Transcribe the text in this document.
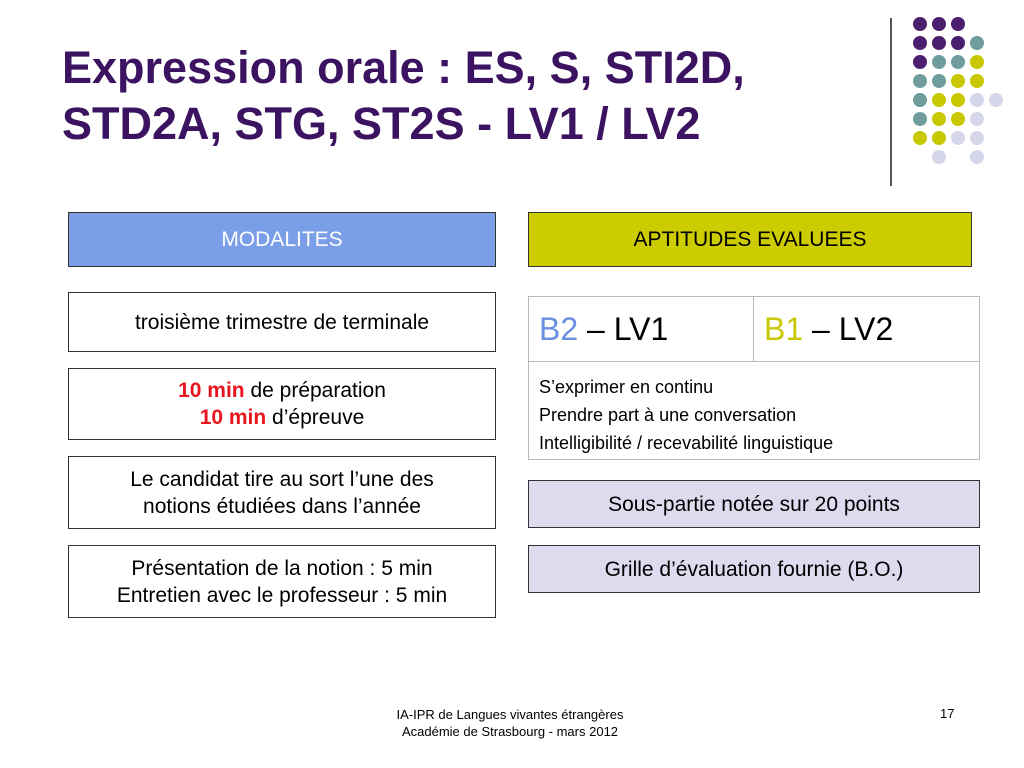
Expression orale : ES, S, STI2D, STD2A, STG, ST2S - LV1 / LV2
MODALITES	APTITUDES EVALUEES
troisième trimestre de terminale
10 min de préparation
10 min d’épreuve
Le candidat tire au sort l’une des
notions étudiées dans l’année
Présentation de la notion : 5 min
Entretien avec le professeur : 5 min
B2 – LV1	B1 – LV2
S’exprimer en continu
Prendre part à une conversation
Intelligibilité / recevabilité linguistique
Sous-partie notée sur 20 points
Grille d’évaluation fournie (B.O.)
IA-IPR de Langues vivantes étrangères
Académie de Strasbourg - mars 2012
17
